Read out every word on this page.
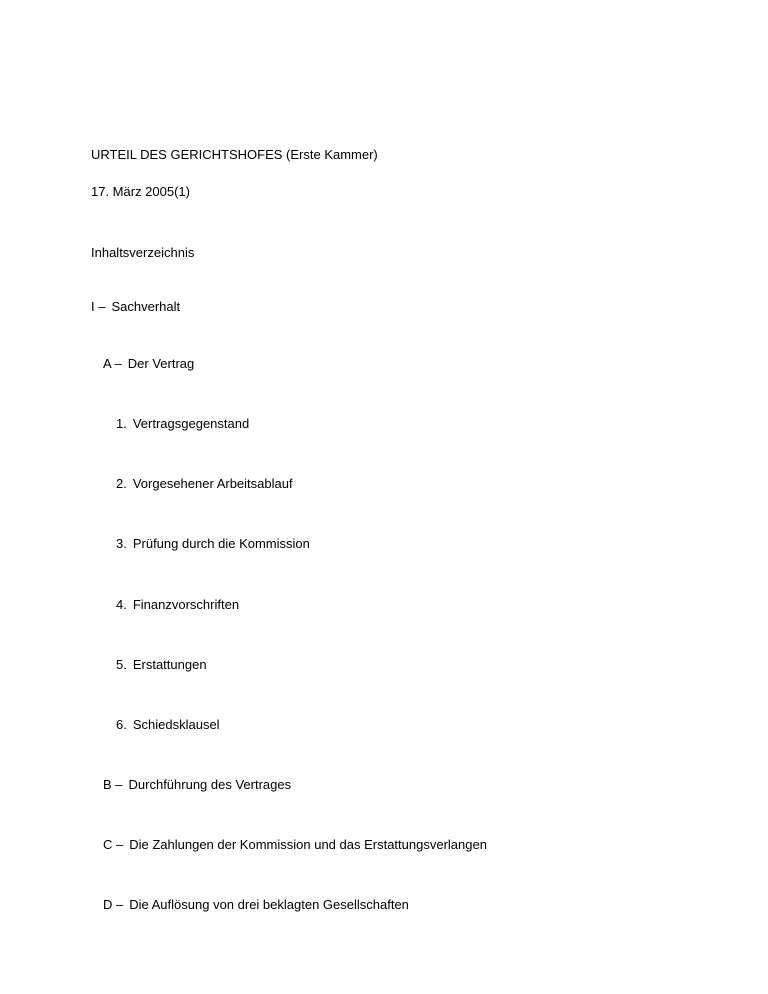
URTEIL DES GERICHTSHOFES (Erste Kammer)
17. März 2005(1)
Inhaltsverzeichnis
I – Sachverhalt
A – Der Vertrag
1. Vertragsgegenstand
2. Vorgesehener Arbeitsablauf
3. Prüfung durch die Kommission
4. Finanzvorschriften
5. Erstattungen
6. Schiedsklausel
B – Durchführung des Vertrages
C – Die Zahlungen der Kommission und das Erstattungsverlangen
D – Die Auflösung von drei beklagten Gesellschaften
